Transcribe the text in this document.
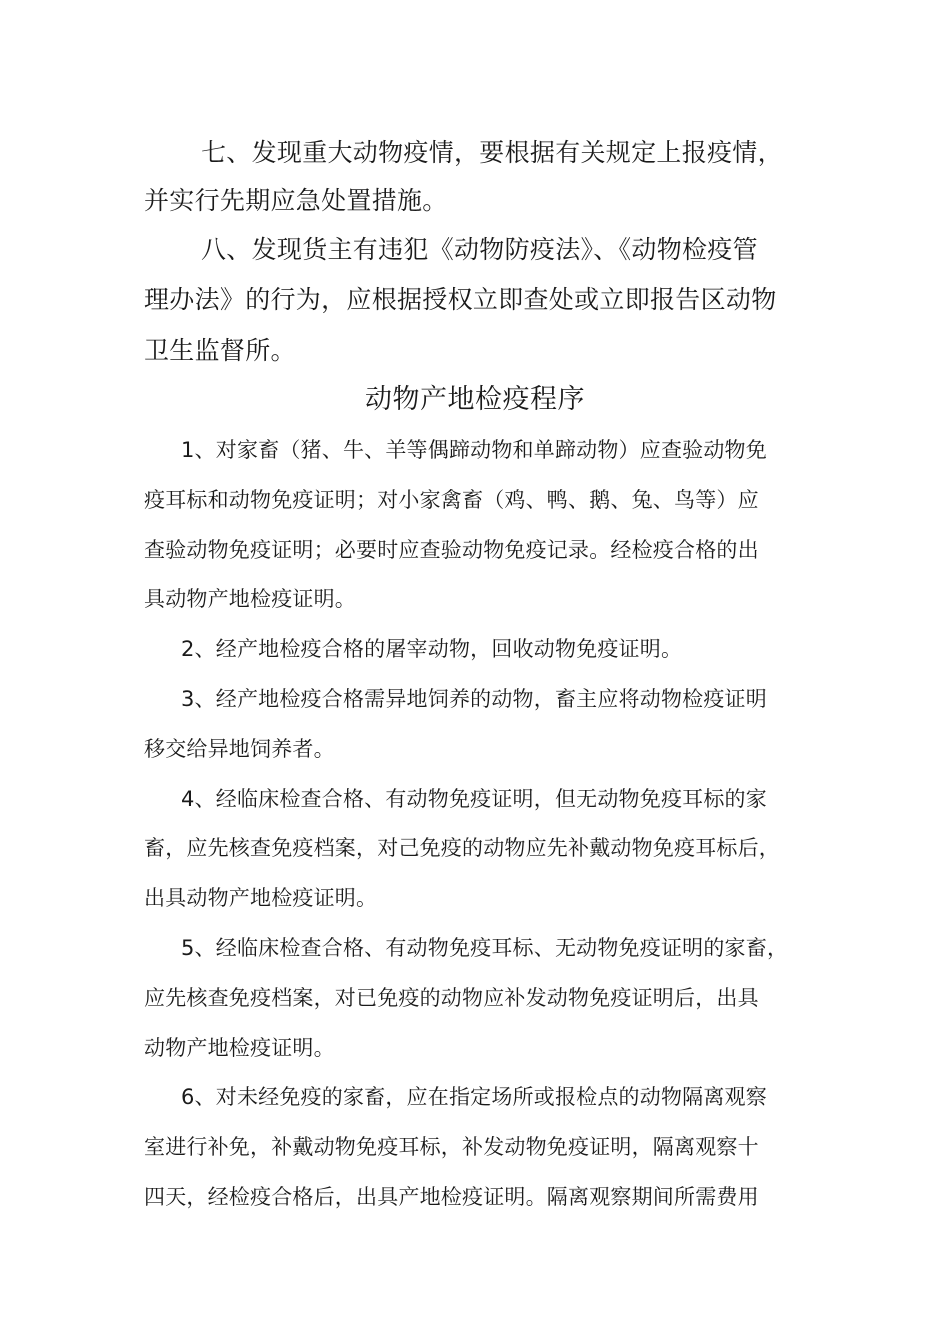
七、发现重大动物疫情，要根据有关规定上报疫情，
并实行先期应急处置措施。
八、发现货主有违犯《动物防疫法》、《动物检疫管
理办法》的行为，应根据授权立即查处或立即报告区动物
卫生监督所。
动物产地检疫程序
1、对家畜（猪、牛、羊等偶蹄动物和单蹄动物）应查验动物免
疫耳标和动物免疫证明；对小家禽畜（鸡、鸭、鹅、兔、鸟等）应
查验动物免疫证明；必要时应查验动物免疫记录。经检疫合格的出
具动物产地检疫证明。
2、经产地检疫合格的屠宰动物，回收动物免疫证明。
3、经产地检疫合格需异地饲养的动物，畜主应将动物检疫证明
移交给异地饲养者。
4、经临床检查合格、有动物免疫证明，但无动物免疫耳标的家
畜，应先核查免疫档案，对己免疫的动物应先补戴动物免疫耳标后，
出具动物产地检疫证明。
5、经临床检查合格、有动物免疫耳标、无动物免疫证明的家畜，
应先核查免疫档案，对已免疫的动物应补发动物免疫证明后，出具
动物产地检疫证明。
6、对未经免疫的家畜，应在指定场所或报检点的动物隔离观察
室进行补免，补戴动物免疫耳标，补发动物免疫证明，隔离观察十
四天，经检疫合格后，出具产地检疫证明。隔离观察期间所需费用
